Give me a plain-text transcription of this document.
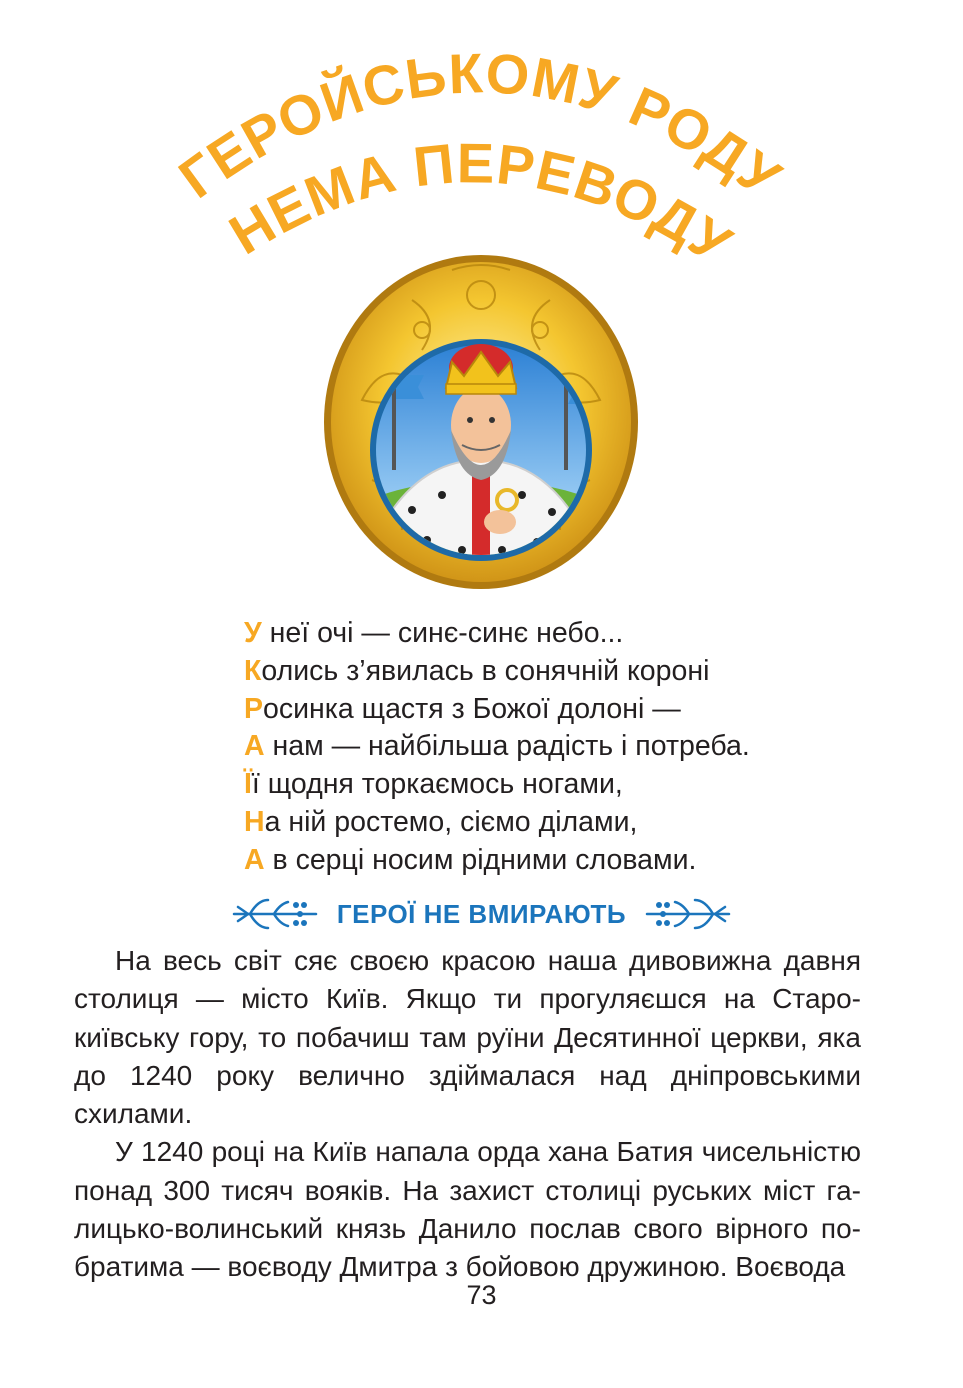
ГЕРОЙСЬКОМУ РОДУ
НЕМА ПЕРЕВОДУ
У неї очі — синє-синє небо...
Колись з’явилась в сонячній короні
Росинка щастя з Божої долоні —
А нам — найбільша радість і потреба.
Її щодня торкаємось ногами,
На ній ростемо, сіємо ділами,
А в серці носим рідними словами.
ГЕРОЇ НЕ ВМИРАЮТЬ

На весь світ сяє своєю красою наша дивовижна давня столиця — місто Київ. Якщо ти прогуляєшся на Старокиївську гору, то побачиш там руїни Десятинної церкви, яка до 1240 року велично здіймалася над дніпровськими схилами.

У 1240 році на Київ напала орда хана Батия чисельністю понад 300 тисяч вояків. На захист столиці руських міст галицько-волинський князь Данило послав свого вірного побратима — воєводу Дмитра з бойовою дружиною. Воєвода

73
